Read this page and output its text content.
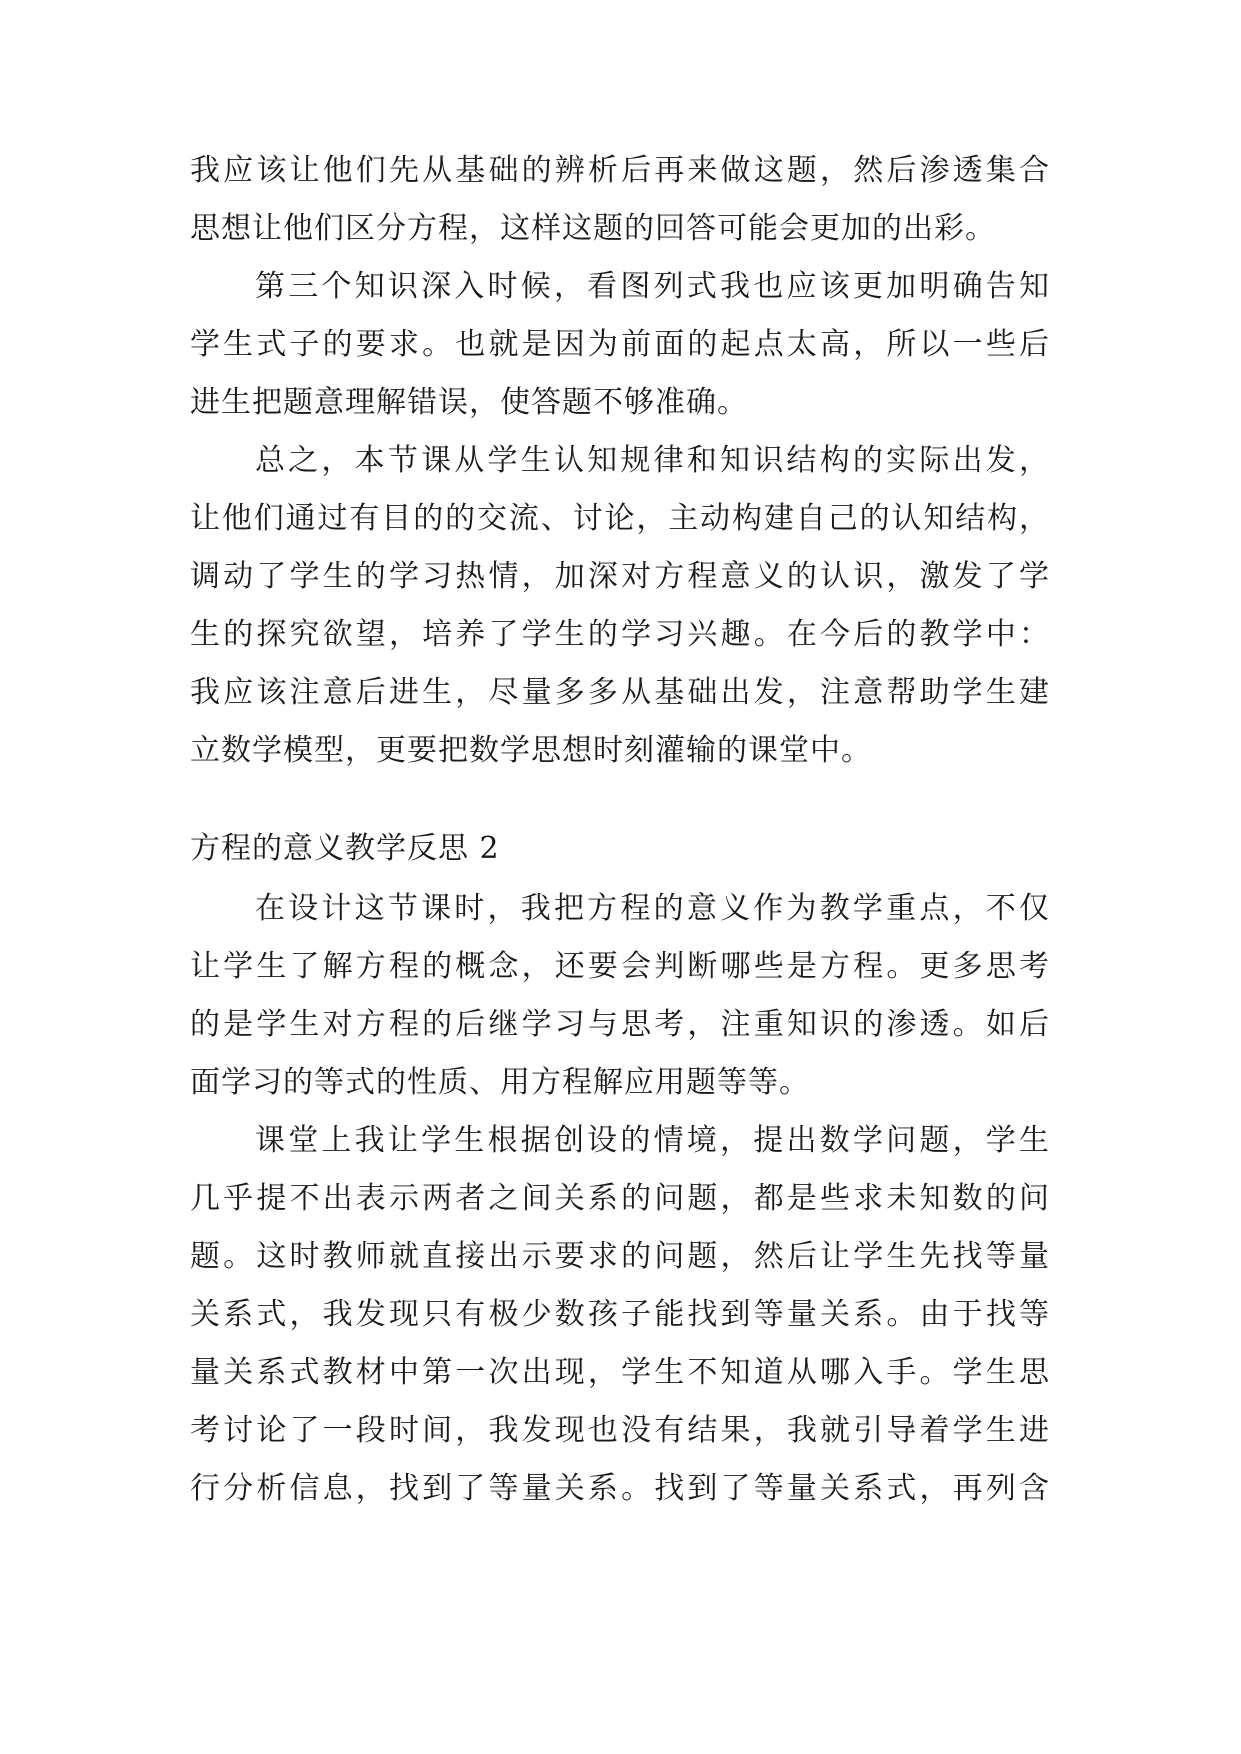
我应该让他们先从基础的辨析后再来做这题，然后渗透集合
思想让他们区分方程，这样这题的回答可能会更加的出彩。
第三个知识深入时候，看图列式我也应该更加明确告知
学生式子的要求。也就是因为前面的起点太高，所以一些后
进生把题意理解错误，使答题不够准确。
总之，本节课从学生认知规律和知识结构的实际出发，
让他们通过有目的的交流、讨论，主动构建自己的认知结构，
调动了学生的学习热情，加深对方程意义的认识，激发了学
生的探究欲望，培养了学生的学习兴趣。在今后的教学中：
我应该注意后进生，尽量多多从基础出发，注意帮助学生建
立数学模型，更要把数学思想时刻灌输的课堂中。
方程的意义教学反思 2
在设计这节课时，我把方程的意义作为教学重点，不仅
让学生了解方程的概念，还要会判断哪些是方程。更多思考
的是学生对方程的后继学习与思考，注重知识的渗透。如后
面学习的等式的性质、用方程解应用题等等。
课堂上我让学生根据创设的情境，提出数学问题，学生
几乎提不出表示两者之间关系的问题，都是些求未知数的问
题。这时教师就直接出示要求的问题，然后让学生先找等量
关系式，我发现只有极少数孩子能找到等量关系。由于找等
量关系式教材中第一次出现，学生不知道从哪入手。学生思
考讨论了一段时间，我发现也没有结果，我就引导着学生进
行分析信息，找到了等量关系。找到了等量关系式，再列含
